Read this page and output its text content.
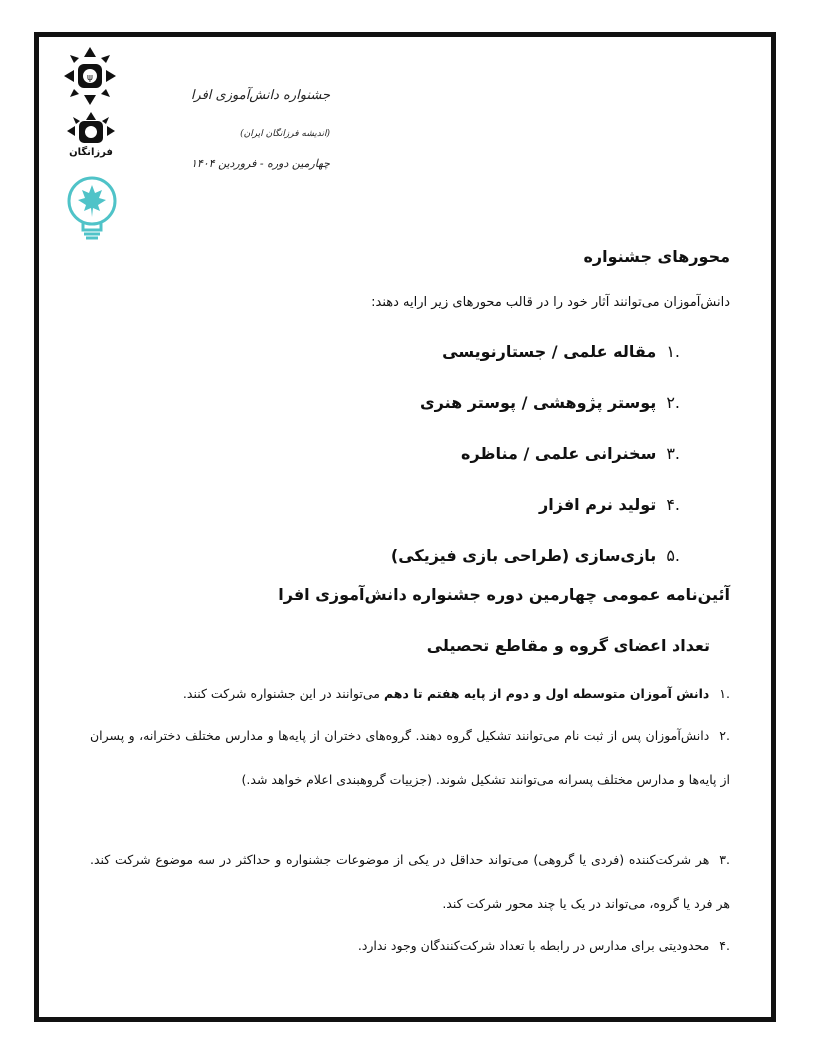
ψ
فرزانگان
جشنواره دانش‌آموزی افرا
(اندیشه فرزانگان ایران)
چهارمین دوره - فروردین ۱۴۰۴
محورهای جشنواره
دانش‌آموزان می‌توانند آثار خود را در قالب محورهای زیر ارایه دهند:
.۱مقاله علمی / جستارنویسی
.۲پوستر پژوهشی / پوستر هنری
.۳سخنرانی علمی / مناظره
.۴تولید نرم افزار
.۵بازی‌سازی (طراحی بازی فیزیکی)
آئین‌نامه عمومی چهارمین دوره جشنواره دانش‌آموزی افرا
تعداد اعضای گروه و مقاطع تحصیلی
.۱دانش آموزان متوسطه اول و دوم از پایه هفتم تا دهم می‌توانند در این جشنواره شرکت کنند.
.۲دانش‌آموزان پس از ثبت نام می‌توانند تشکیل گروه دهند. گروه‌های دختران از پایه‌ها و مدارس مختلف دخترانه، و پسران از پایه‌ها و مدارس مختلف پسرانه می‌توانند تشکیل شوند. (جزییات گروهبندی اعلام خواهد شد.)
.۳هر شرکت‌کننده (فردی یا گروهی) می‌تواند حداقل در یکی از موضوعات جشنواره و حداکثر در سه موضوع شرکت کند. هر فرد یا گروه، می‌تواند در یک یا چند محور شرکت کند.
.۴محدودیتی برای مدارس در رابطه با تعداد شرکت‌کنندگان وجود ندارد.
